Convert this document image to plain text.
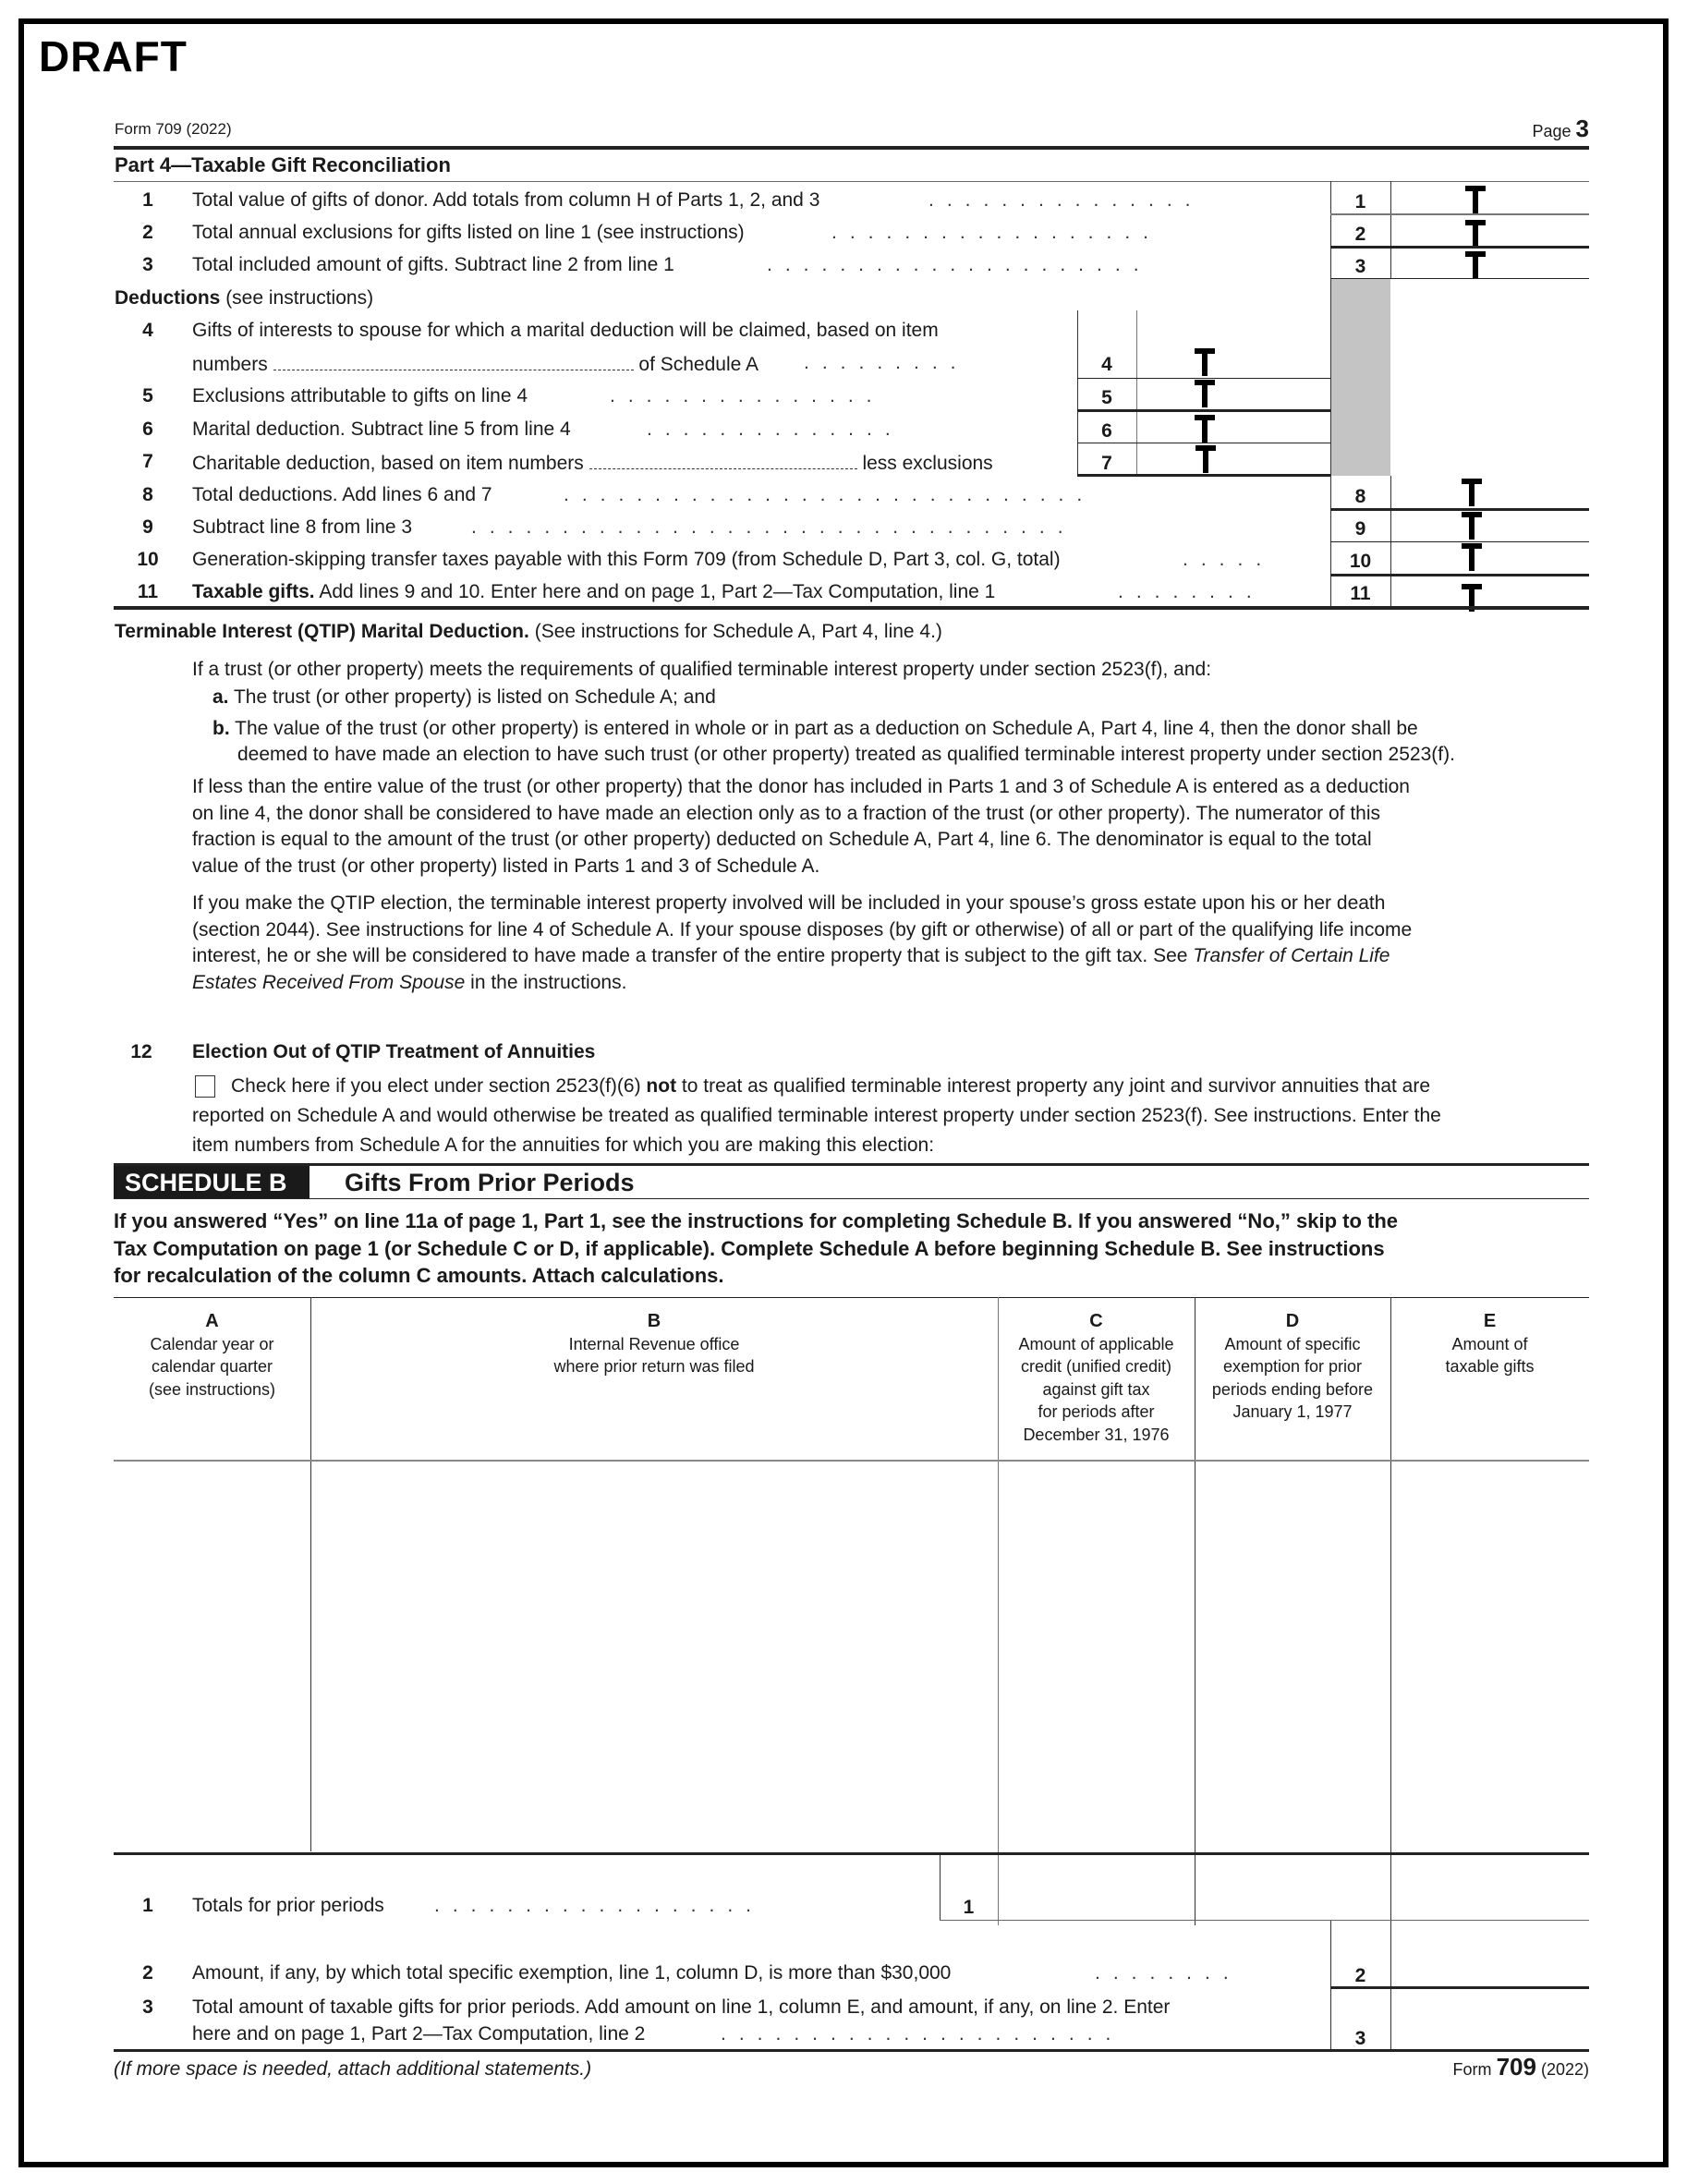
DRAFT
Form 709 (2022)	Page 3
Part 4—Taxable Gift Reconciliation
1	Total value of gifts of donor. Add totals from column H of Parts 1, 2, and 3	...............	1
2	Total annual exclusions for gifts listed on line 1 (see instructions)	..................	2
3	Total included amount of gifts. Subtract line 2 from line 1	.....................	3
Deductions (see instructions)
4	Gifts of interests to spouse for which a marital deduction will be claimed, based on item
numbers	of Schedule A .........	4
5	Exclusions attributable to gifts on line 4	...............	5
6	Marital deduction. Subtract line 5 from line 4	..............	6
7	Charitable deduction, based on item numbers	less exclusions	7
8	Total deductions. Add lines 6 and 7	.............................	8
9	Subtract line 8 from line 3	.................................	9
10	Generation-skipping transfer taxes payable with this Form 709 (from Schedule D, Part 3, col. G, total)	.....	10
11	Taxable gifts. Add lines 9 and 10. Enter here and on page 1, Part 2—Tax Computation, line 1	........	11
Terminable Interest (QTIP) Marital Deduction. (See instructions for Schedule A, Part 4, line 4.)
If a trust (or other property) meets the requirements of qualified terminable interest property under section 2523(f), and:
a. The trust (or other property) is listed on Schedule A; and
b. The value of the trust (or other property) is entered in whole or in part as a deduction on Schedule A, Part 4, line 4, then the donor shall be
deemed to have made an election to have such trust (or other property) treated as qualified terminable interest property under section 2523(f).
If less than the entire value of the trust (or other property) that the donor has included in Parts 1 and 3 of Schedule A is entered as a deduction
on line 4, the donor shall be considered to have made an election only as to a fraction of the trust (or other property). The numerator of this
fraction is equal to the amount of the trust (or other property) deducted on Schedule A, Part 4, line 6. The denominator is equal to the total
value of the trust (or other property) listed in Parts 1 and 3 of Schedule A.
If you make the QTIP election, the terminable interest property involved will be included in your spouse’s gross estate upon his or her death
(section 2044). See instructions for line 4 of Schedule A. If your spouse disposes (by gift or otherwise) of all or part of the qualifying life income
interest, he or she will be considered to have made a transfer of the entire property that is subject to the gift tax. See Transfer of Certain Life
Estates Received From Spouse in the instructions.
12	Election Out of QTIP Treatment of Annuities
Check here if you elect under section 2523(f)(6) not to treat as qualified terminable interest property any joint and survivor annuities that are
reported on Schedule A and would otherwise be treated as qualified terminable interest property under section 2523(f). See instructions. Enter the
item numbers from Schedule A for the annuities for which you are making this election:
SCHEDULE B	Gifts From Prior Periods
If you answered “Yes” on line 11a of page 1, Part 1, see the instructions for completing Schedule B. If you answered “No,” skip to the
Tax Computation on page 1 (or Schedule C or D, if applicable). Complete Schedule A before beginning Schedule B. See instructions
for recalculation of the column C amounts. Attach calculations.
A
Calendar year or
calendar quarter
(see instructions)
B
Internal Revenue office
where prior return was filed
C
Amount of applicable
credit (unified credit)
against gift tax
for periods after
December 31, 1976
D
Amount of specific
exemption for prior
periods ending before
January 1, 1977
E
Amount of
taxable gifts
1	Totals for prior periods	..................	1
2	Amount, if any, by which total specific exemption, line 1, column D, is more than $30,000	........	2
3	Total amount of taxable gifts for prior periods. Add amount on line 1, column E, and amount, if any, on line 2. Enter
here and on page 1, Part 2—Tax Computation, line 2	......................	3
(If more space is needed, attach additional statements.)	Form 709 (2022)
